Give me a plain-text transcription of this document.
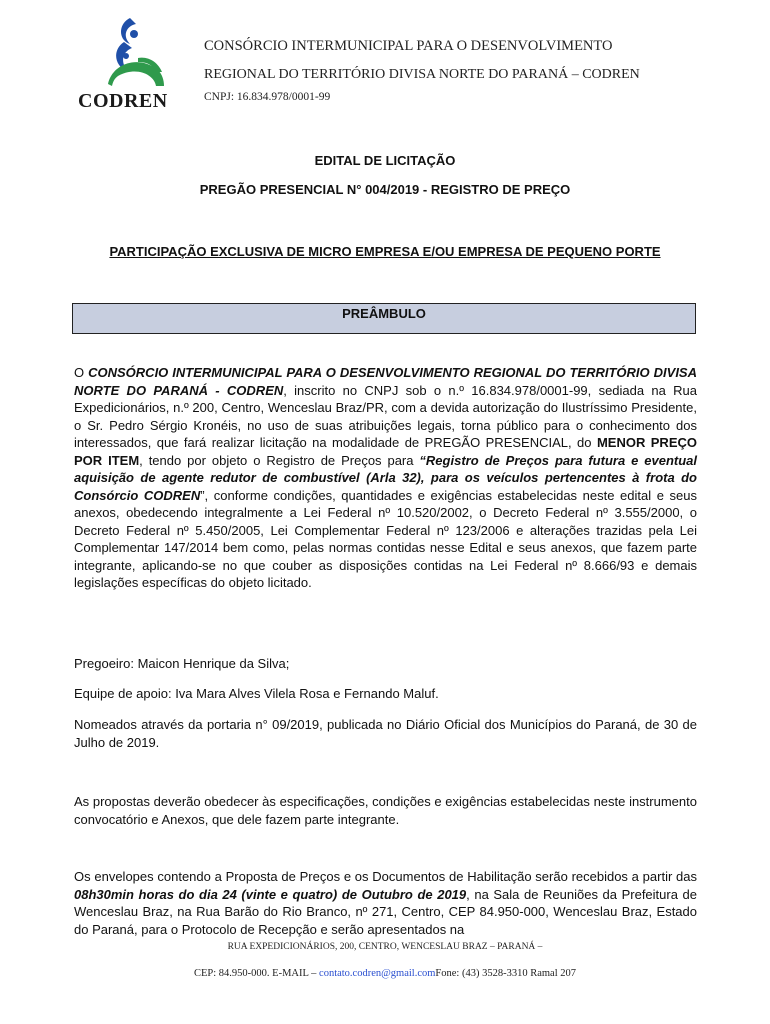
CODREN
CONSÓRCIO INTERMUNICIPAL PARA O DESENVOLVIMENTO
REGIONAL DO TERRITÓRIO DIVISA NORTE DO PARANÁ – CODREN
CNPJ: 16.834.978/0001-99
EDITAL DE LICITAÇÃO
PREGÃO PRESENCIAL N° 004/2019 - REGISTRO DE PREÇO
PARTICIPAÇÃO EXCLUSIVA DE MICRO EMPRESA E/OU EMPRESA DE PEQUENO PORTE
PREÂMBULO

O CONSÓRCIO INTERMUNICIPAL PARA O DESENVOLVIMENTO REGIONAL DO TERRITÓRIO DIVISA NORTE DO PARANÁ - CODREN, inscrito no CNPJ sob o n.º 16.834.978/0001-99, sediada na Rua Expedicionários, n.º 200, Centro, Wenceslau Braz/PR, com a devida autorização do Ilustríssimo Presidente, o Sr. Pedro Sérgio Kronéis, no uso de suas atribuições legais, torna público para o conhecimento dos interessados, que fará realizar licitação na modalidade de PREGÃO PRESENCIAL, do MENOR PREÇO POR ITEM, tendo por objeto o Registro de Preços para “Registro de Preços para futura e eventual aquisição de agente redutor de combustível (Arla 32), para os veículos pertencentes à frota do Consórcio CODREN”, conforme condições, quantidades e exigências estabelecidas neste edital e seus anexos, obedecendo integralmente a Lei Federal nº 10.520/2002, o Decreto Federal nº 3.555/2000, o Decreto Federal nº 5.450/2005, Lei Complementar Federal nº 123/2006 e alterações trazidas pela Lei Complementar 147/2014 bem como, pelas normas contidas nesse Edital e seus anexos, que fazem parte integrante, aplicando-se no que couber as disposições contidas na Lei Federal nº 8.666/93 e demais legislações específicas do objeto licitado.

Pregoeiro: Maicon Henrique da Silva;

Equipe de apoio: Iva Mara Alves Vilela Rosa e Fernando Maluf.

Nomeados através da portaria n° 09/2019, publicada no Diário Oficial dos Municípios do Paraná, de 30 de Julho de 2019.

As propostas deverão obedecer às especificações, condições e exigências estabelecidas neste instrumento convocatório e Anexos, que dele fazem parte integrante.

Os envelopes contendo a Proposta de Preços e os Documentos de Habilitação serão recebidos a partir das 08h30min horas do dia 24 (vinte e quatro) de Outubro de 2019, na Sala de Reuniões da Prefeitura de Wenceslau Braz, na Rua Barão do Rio Branco, nº 271, Centro, CEP 84.950-000, Wenceslau Braz, Estado do Paraná, para o Protocolo de Recepção e serão apresentados na

RUA EXPEDICIONÁRIOS, 200, CENTRO, WENCESLAU BRAZ – PARANÁ –
CEP: 84.950-000. E-MAIL – contato.codren@gmail.comFone: (43) 3528-3310 Ramal 207
